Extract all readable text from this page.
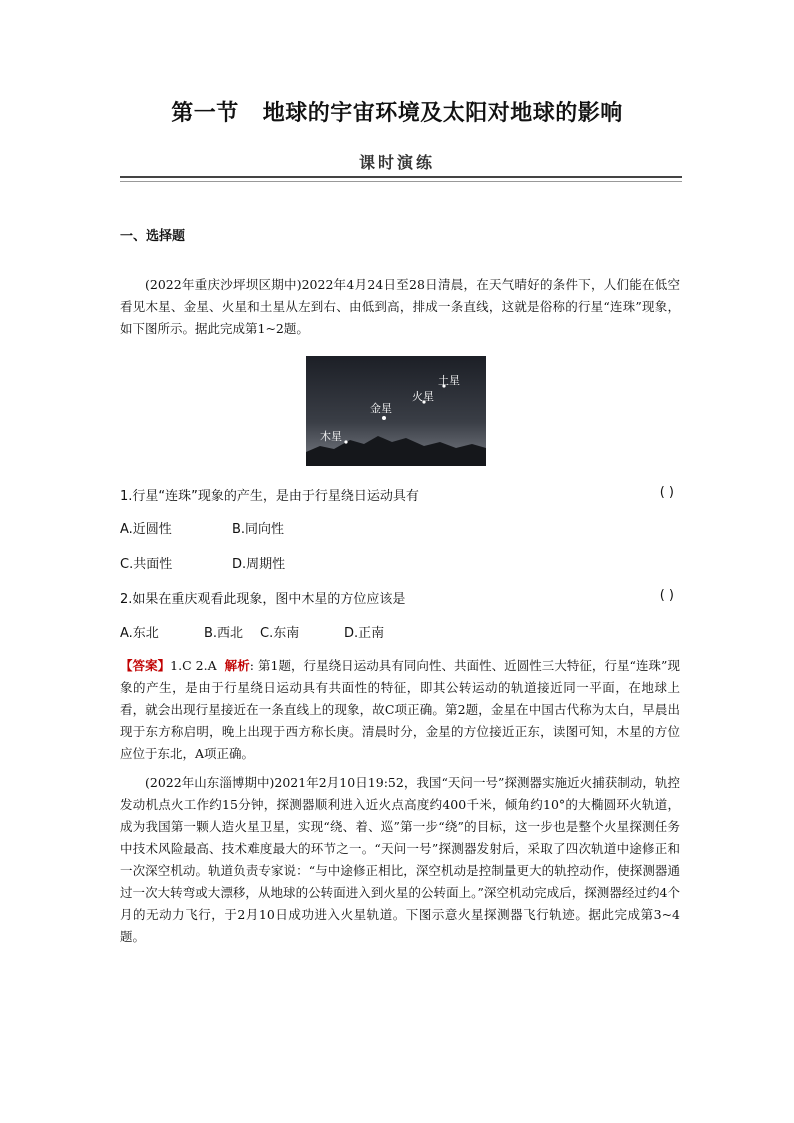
第一节 地球的宇宙环境及太阳对地球的影响
课时演练
一、选择题

(2022年重庆沙坪坝区期中)2022年4月24日至28日清晨，在天气晴好的条件下，人们能在低空看见木星、金星、火星和土星从左到右、由低到高，排成一条直线，这就是俗称的行星“连珠”现象，如下图所示。据此完成第1~2题。

土星
火星
金星
木星
1.行星“连珠”现象的产生，是由于行星绕日运动具有	( )
A.近圆性	B.同向性
C.共面性	D.周期性
2.如果在重庆观看此现象，图中木星的方位应该是	( )
A.东北	B.西北 C.东南	D.正南

【答案】1.C 2.A 解析: 第1题，行星绕日运动具有同向性、共面性、近圆性三大特征，行星“连珠”现象的产生，是由于行星绕日运动具有共面性的特征，即其公转运动的轨道接近同一平面，在地球上看，就会出现行星接近在一条直线上的现象，故C项正确。第2题，金星在中国古代称为太白，早晨出现于东方称启明，晚上出现于西方称长庚。清晨时分，金星的方位接近正东，读图可知，木星的方位应位于东北，A项正确。

(2022年山东淄博期中)2021年2月10日19:52，我国“天问一号”探测器实施近火捕获制动，轨控发动机点火工作约15分钟，探测器顺利进入近火点高度约400千米，倾角约10°的大椭圆环火轨道，成为我国第一颗人造火星卫星，实现“绕、着、巡”第一步“绕”的目标，这一步也是整个火星探测任务中技术风险最高、技术难度最大的环节之一。“天问一号”探测器发射后，采取了四次轨道中途修正和一次深空机动。轨道负责专家说：“与中途修正相比，深空机动是控制量更大的轨控动作，使探测器通过一次大转弯或大漂移，从地球的公转面进入到火星的公转面上。”深空机动完成后，探测器经过约4个月的无动力飞行，于2月10日成功进入火星轨道。下图示意火星探测器飞行轨迹。据此完成第3~4题。
